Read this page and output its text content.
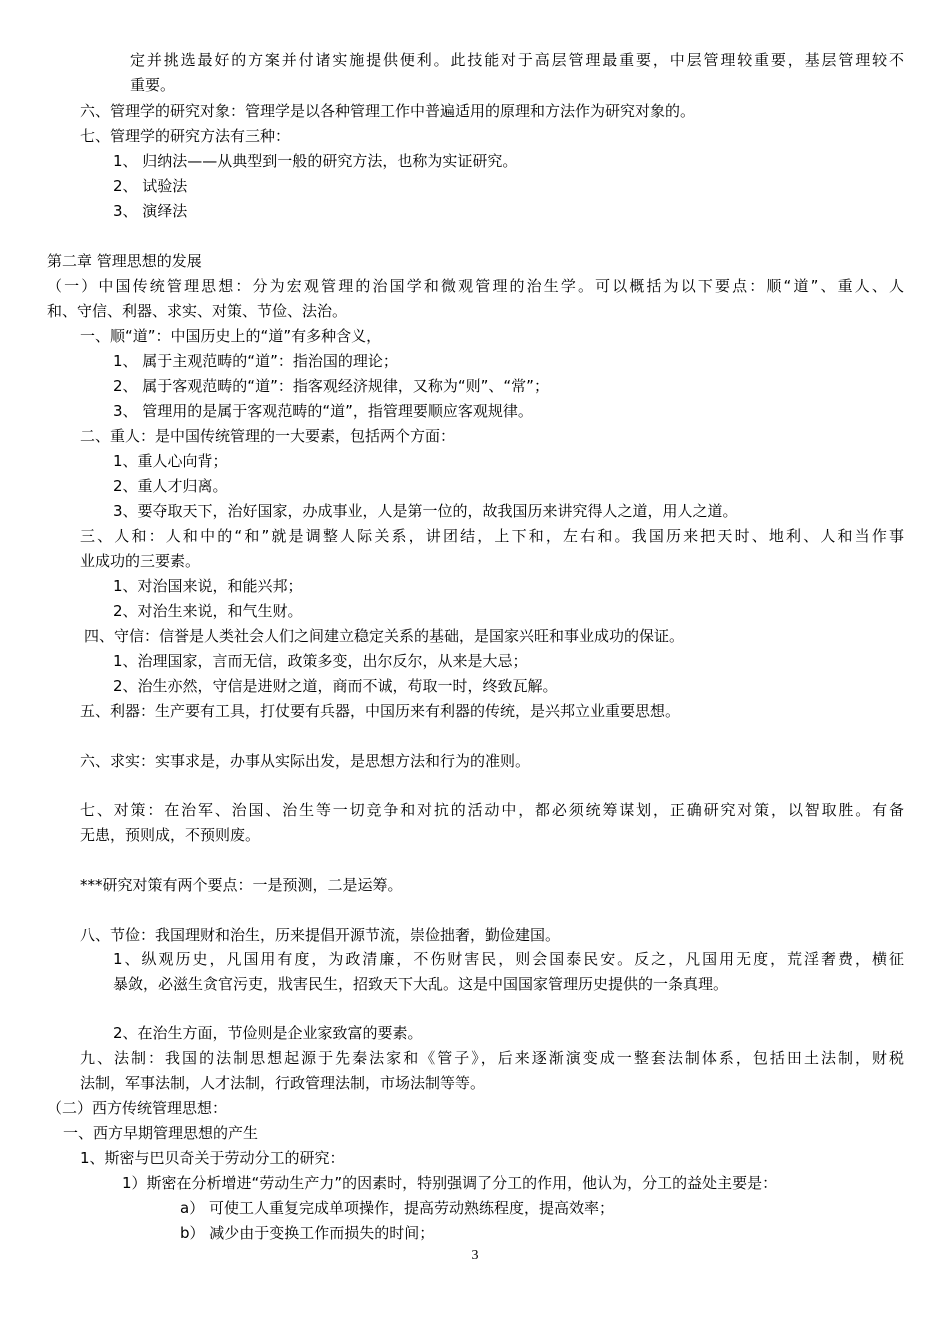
定并挑选最好的方案并付诸实施提供便利。此技能对于高层管理最重要，中层管理较重要，基层管理较不
重要。
六、管理学的研究对象：管理学是以各种管理工作中普遍适用的原理和方法作为研究对象的。
七、管理学的研究方法有三种：
1、 归纳法——从典型到一般的研究方法，也称为实证研究。
2、 试验法
3、 演绎法
第二章 管理思想的发展
（一）中国传统管理思想：分为宏观管理的治国学和微观管理的治生学。可以概括为以下要点：顺“道”、重人、人
和、守信、利器、求实、对策、节俭、法治。
一、顺“道”：中国历史上的“道”有多种含义，
1、 属于主观范畴的“道”：指治国的理论；
2、 属于客观范畴的“道”：指客观经济规律，又称为“则”、“常”；
3、 管理用的是属于客观范畴的“道”，指管理要顺应客观规律。
二、重人：是中国传统管理的一大要素，包括两个方面：
1、重人心向背；
2、重人才归离。
3、要夺取天下，治好国家，办成事业，人是第一位的，故我国历来讲究得人之道，用人之道。
三、人和：人和中的“和”就是调整人际关系，讲团结，上下和，左右和。我国历来把天时、地利、人和当作事
业成功的三要素。
1、对治国来说，和能兴邦；
2、对治生来说，和气生财。
四、守信：信誉是人类社会人们之间建立稳定关系的基础，是国家兴旺和事业成功的保证。
1、治理国家，言而无信，政策多变，出尔反尔，从来是大忌；
2、治生亦然，守信是进财之道，商而不诚，苟取一时，终致瓦解。
五、利器：生产要有工具，打仗要有兵器，中国历来有利器的传统，是兴邦立业重要思想。
六、求实：实事求是，办事从实际出发，是思想方法和行为的准则。
七、对策：在治军、治国、治生等一切竞争和对抗的活动中，都必须统筹谋划，正确研究对策，以智取胜。有备
无患，预则成，不预则废。
***研究对策有两个要点：一是预测，二是运筹。
八、节俭：我国理财和治生，历来提倡开源节流，崇俭拙奢，勤俭建国。
1、纵观历史，凡国用有度，为政清廉，不伤财害民，则会国泰民安。反之，凡国用无度，荒淫奢费，横征
暴敛，必滋生贪官污吏，戕害民生，招致天下大乱。这是中国国家管理历史提供的一条真理。
2、在治生方面，节俭则是企业家致富的要素。
九、法制：我国的法制思想起源于先秦法家和《管子》，后来逐渐演变成一整套法制体系，包括田土法制，财税
法制，军事法制，人才法制，行政管理法制，市场法制等等。
（二）西方传统管理思想：
一、西方早期管理思想的产生
1、斯密与巴贝奇关于劳动分工的研究：
1）斯密在分析增进“劳动生产力”的因素时，特别强调了分工的作用，他认为，分工的益处主要是：
a） 可使工人重复完成单项操作，提高劳动熟练程度，提高效率；
b） 减少由于变换工作而损失的时间；
3
